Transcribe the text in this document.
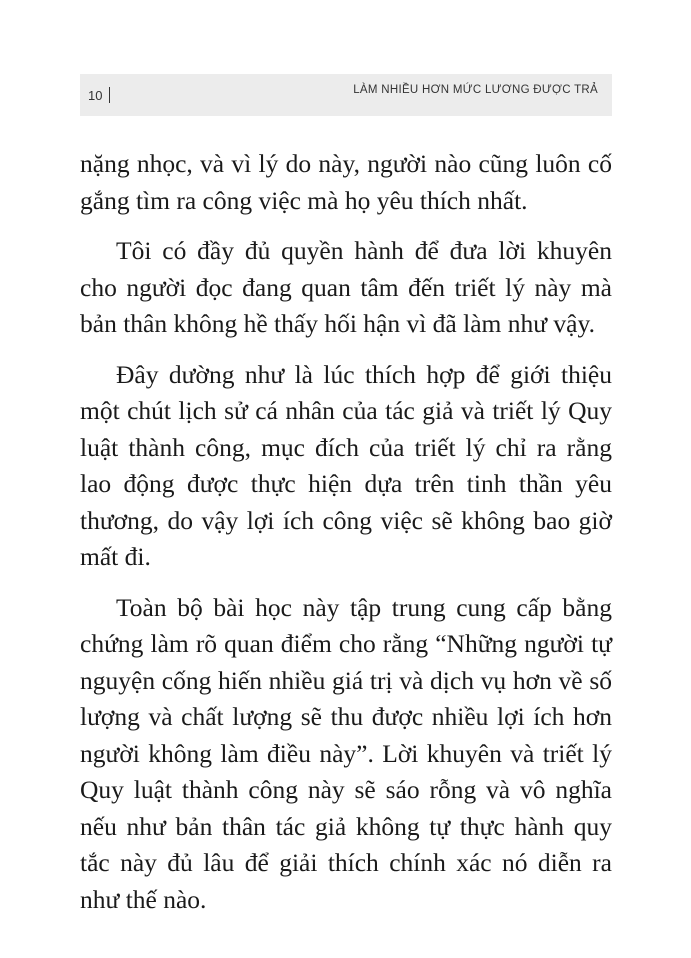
10	LÀM NHIỀU HƠN MỨC LƯƠNG ĐƯỢC TRẢ

nặng nhọc, và vì lý do này, người nào cũng luôn cố gắng tìm ra công việc mà họ yêu thích nhất.

Tôi có đầy đủ quyền hành để đưa lời khuyên cho người đọc đang quan tâm đến triết lý này mà bản thân không hề thấy hối hận vì đã làm như vậy.

Đây dường như là lúc thích hợp để giới thiệu một chút lịch sử cá nhân của tác giả và triết lý Quy luật thành công, mục đích của triết lý chỉ ra rằng lao động được thực hiện dựa trên tinh thần yêu thương, do vậy lợi ích công việc sẽ không bao giờ mất đi.

Toàn bộ bài học này tập trung cung cấp bằng chứng làm rõ quan điểm cho rằng “Những người tự nguyện cống hiến nhiều giá trị và dịch vụ hơn về số lượng và chất lượng sẽ thu được nhiều lợi ích hơn người không làm điều này”. Lời khuyên và triết lý Quy luật thành công này sẽ sáo rỗng và vô nghĩa nếu như bản thân tác giả không tự thực hành quy tắc này đủ lâu để giải thích chính xác nó diễn ra như thế nào.
